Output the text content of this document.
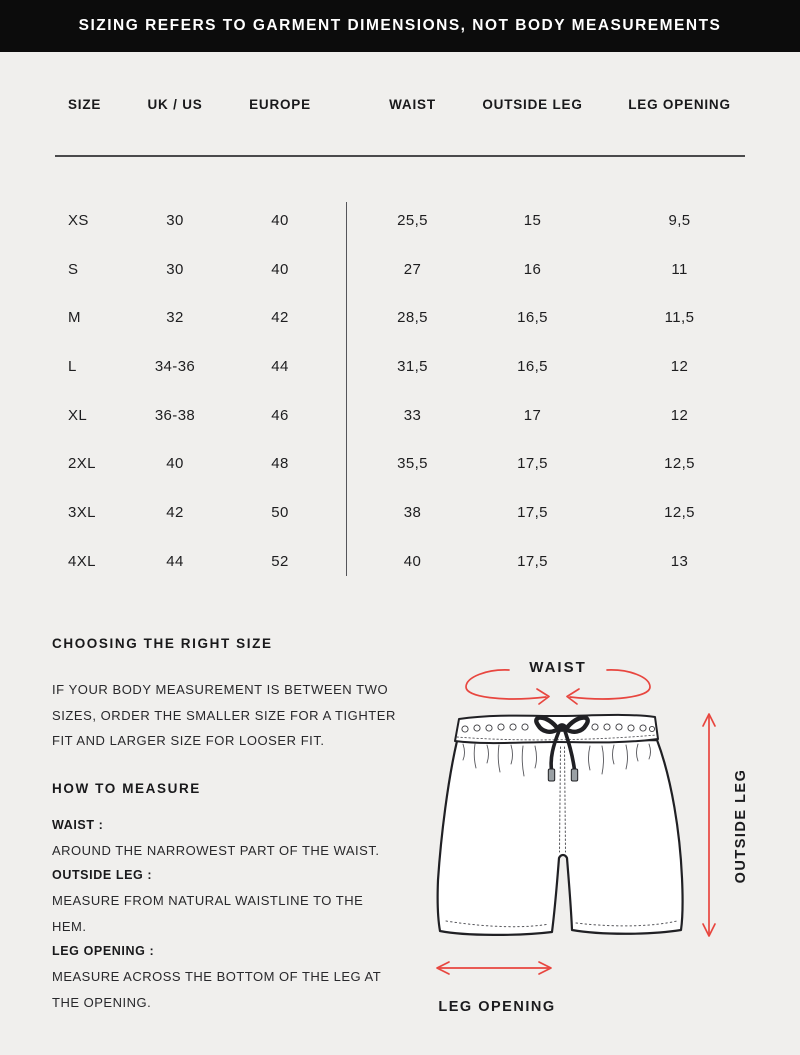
SIZING REFERS TO GARMENT DIMENSIONS, NOT BODY MEASUREMENTS
SIZE	UK / US	EUROPE	WAIST	OUTSIDE LEG	LEG OPENING
XS	30	40	25,5	15	9,5
S	30	40	27	16	11
M	32	42	28,5	16,5	11,5
L	34-36	44	31,5	16,5	12
XL	36-38	46	33	17	12
2XL	40	48	35,5	17,5	12,5
3XL	42	50	38	17,5	12,5
4XL	44	52	40	17,5	13
CHOOSING THE RIGHT SIZE

IF YOUR BODY MEASUREMENT IS BETWEEN TWO SIZES, ORDER THE SMALLER SIZE FOR A TIGHTER FIT AND LARGER SIZE FOR LOOSER FIT.

HOW TO MEASURE
WAIST :
AROUND THE NARROWEST PART OF THE WAIST.
OUTSIDE LEG :
MEASURE FROM NATURAL WAISTLINE TO THE HEM.
LEG OPENING :
MEASURE ACROSS THE BOTTOM OF THE LEG AT THE OPENING.
WAIST
OUTSIDE LEG
LEG OPENING
